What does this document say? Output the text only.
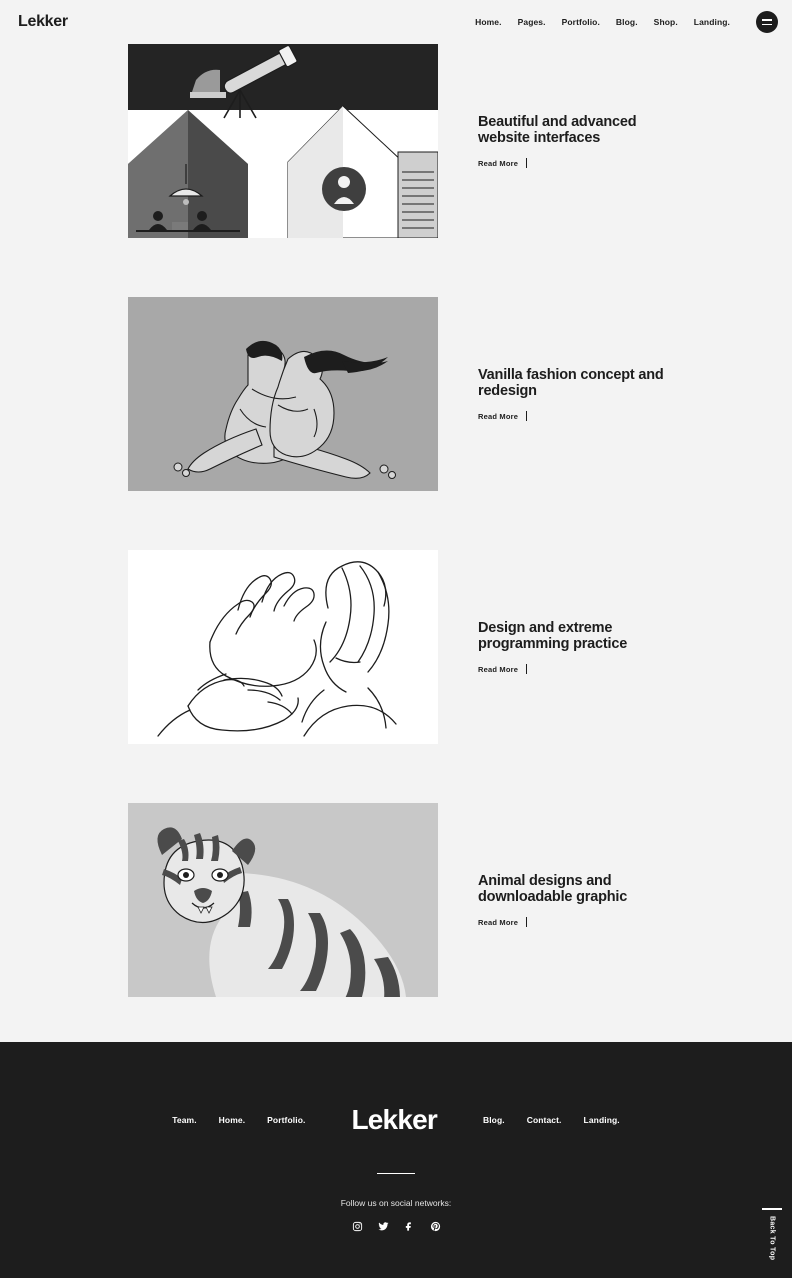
Lekker	Home. Pages. Portfolio. Blog. Shop. Landing.
Beautiful and advanced website interfaces
Read More
Vanilla fashion concept and redesign
Read More
Design and extreme programming practice
Read More
Animal designs and downloadable graphic
Read More
Team.	Home.	Portfolio. Lekker	Blog.	Contact.	Landing.
Follow us on social networks:
Back To Top
